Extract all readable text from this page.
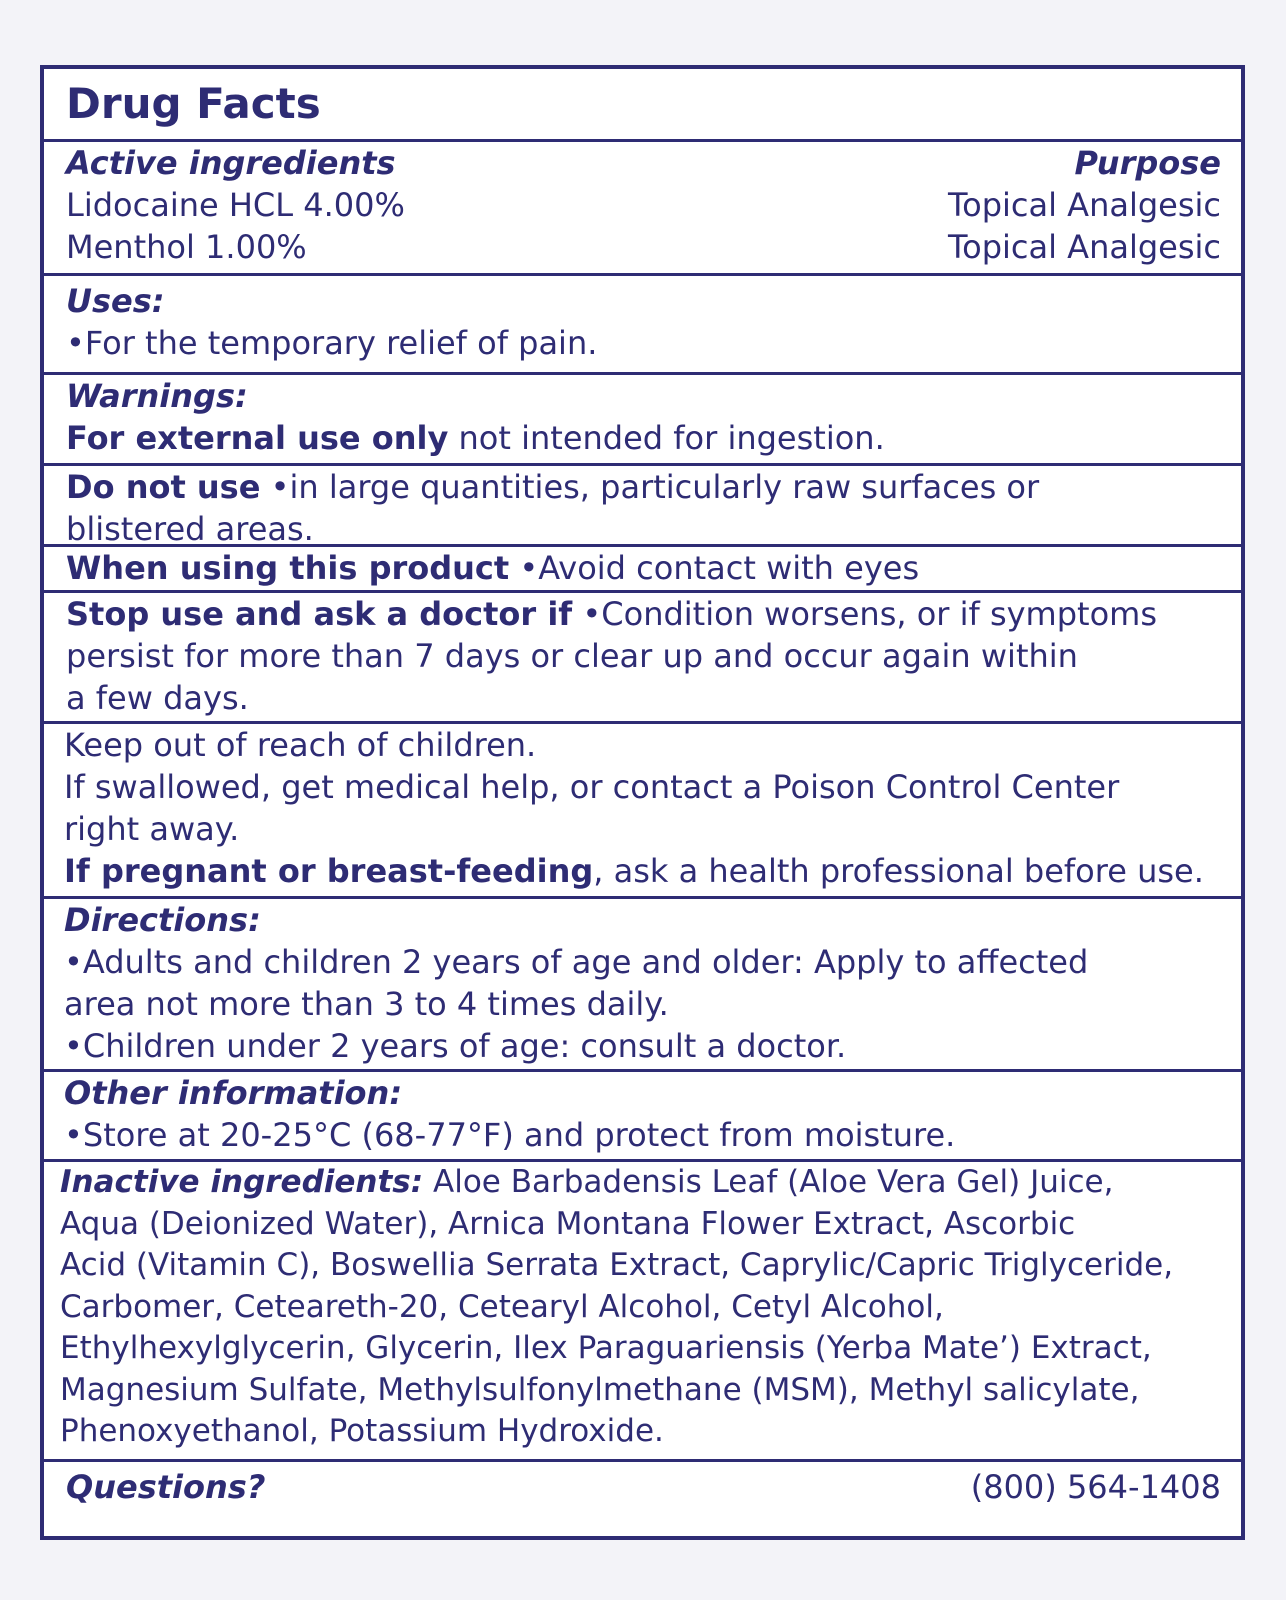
Drug Facts
Active ingredients	Purpose
Lidocaine HCL 4.00%	Topical Analgesic
Menthol 1.00%	Topical Analgesic
Uses:
•For the temporary relief of pain.
Warnings:
For external use only not intended for ingestion.
Do not use •in large quantities, particularly raw surfaces or
blistered areas.
When using this product •Avoid contact with eyes
Stop use and ask a doctor if •Condition worsens, or if symptoms
persist for more than 7 days or clear up and occur again within
a few days.
Keep out of reach of children.
If swallowed, get medical help, or contact a Poison Control Center
right away.
If pregnant or breast-feeding, ask a health professional before use.
Directions:
•Adults and children 2 years of age and older: Apply to affected
area not more than 3 to 4 times daily.
•Children under 2 years of age: consult a doctor.
Other information:
•Store at 20-25°C (68-77°F) and protect from moisture.
Inactive ingredients: Aloe Barbadensis Leaf (Aloe Vera Gel) Juice,
Aqua (Deionized Water), Arnica Montana Flower Extract, Ascorbic
Acid (Vitamin C), Boswellia Serrata Extract, Caprylic/Capric Triglyceride,
Carbomer, Ceteareth-20, Cetearyl Alcohol, Cetyl Alcohol,
Ethylhexylglycerin, Glycerin, Ilex Paraguariensis (Yerba Mate’) Extract,
Magnesium Sulfate, Methylsulfonylmethane (MSM), Methyl salicylate,
Phenoxyethanol, Potassium Hydroxide.
Questions?	(800) 564-1408
